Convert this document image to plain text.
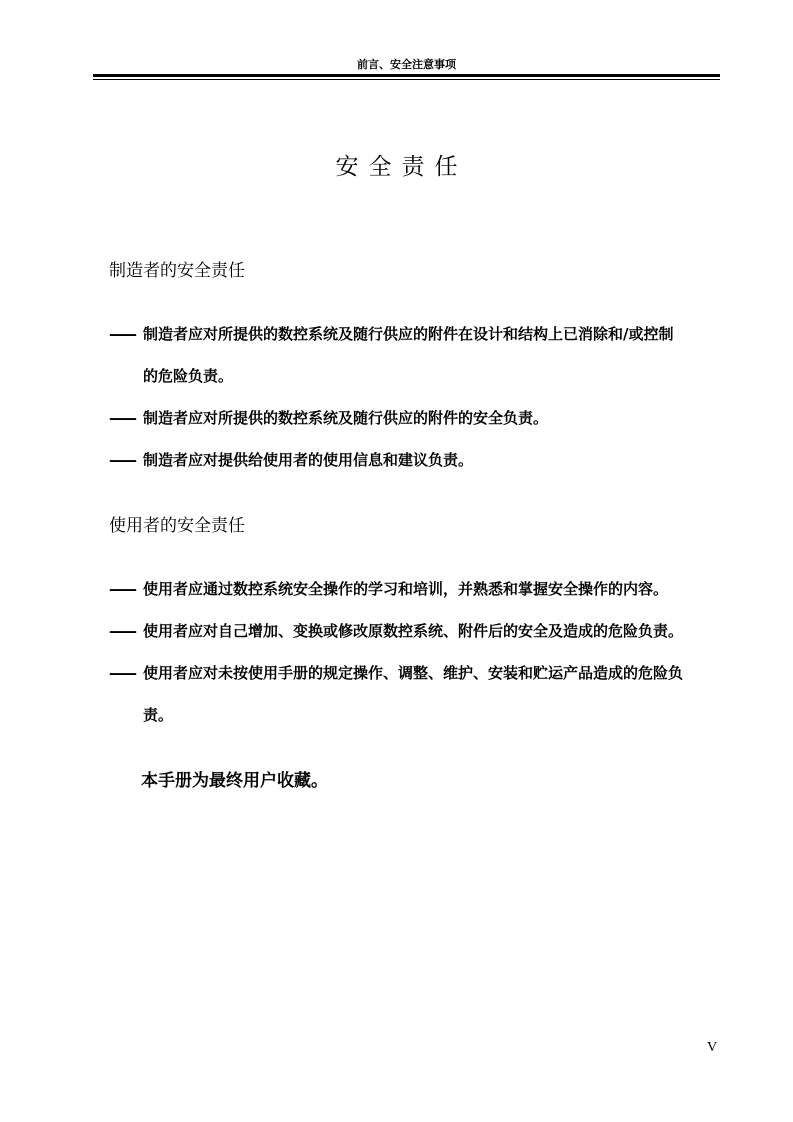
前言、安全注意事项
安全责任
制造者的安全责任
—— 制造者应对所提供的数控系统及随行供应的附件在设计和结构上已消除和/或控制
的危险负责。
—— 制造者应对所提供的数控系统及随行供应的附件的安全负责。
—— 制造者应对提供给使用者的使用信息和建议负责。
使用者的安全责任
—— 使用者应通过数控系统安全操作的学习和培训，并熟悉和掌握安全操作的内容。
—— 使用者应对自己增加、变换或修改原数控系统、附件后的安全及造成的危险负责。
—— 使用者应对未按使用手册的规定操作、调整、维护、安装和贮运产品造成的危险负
责。
本手册为最终用户收藏。
V
